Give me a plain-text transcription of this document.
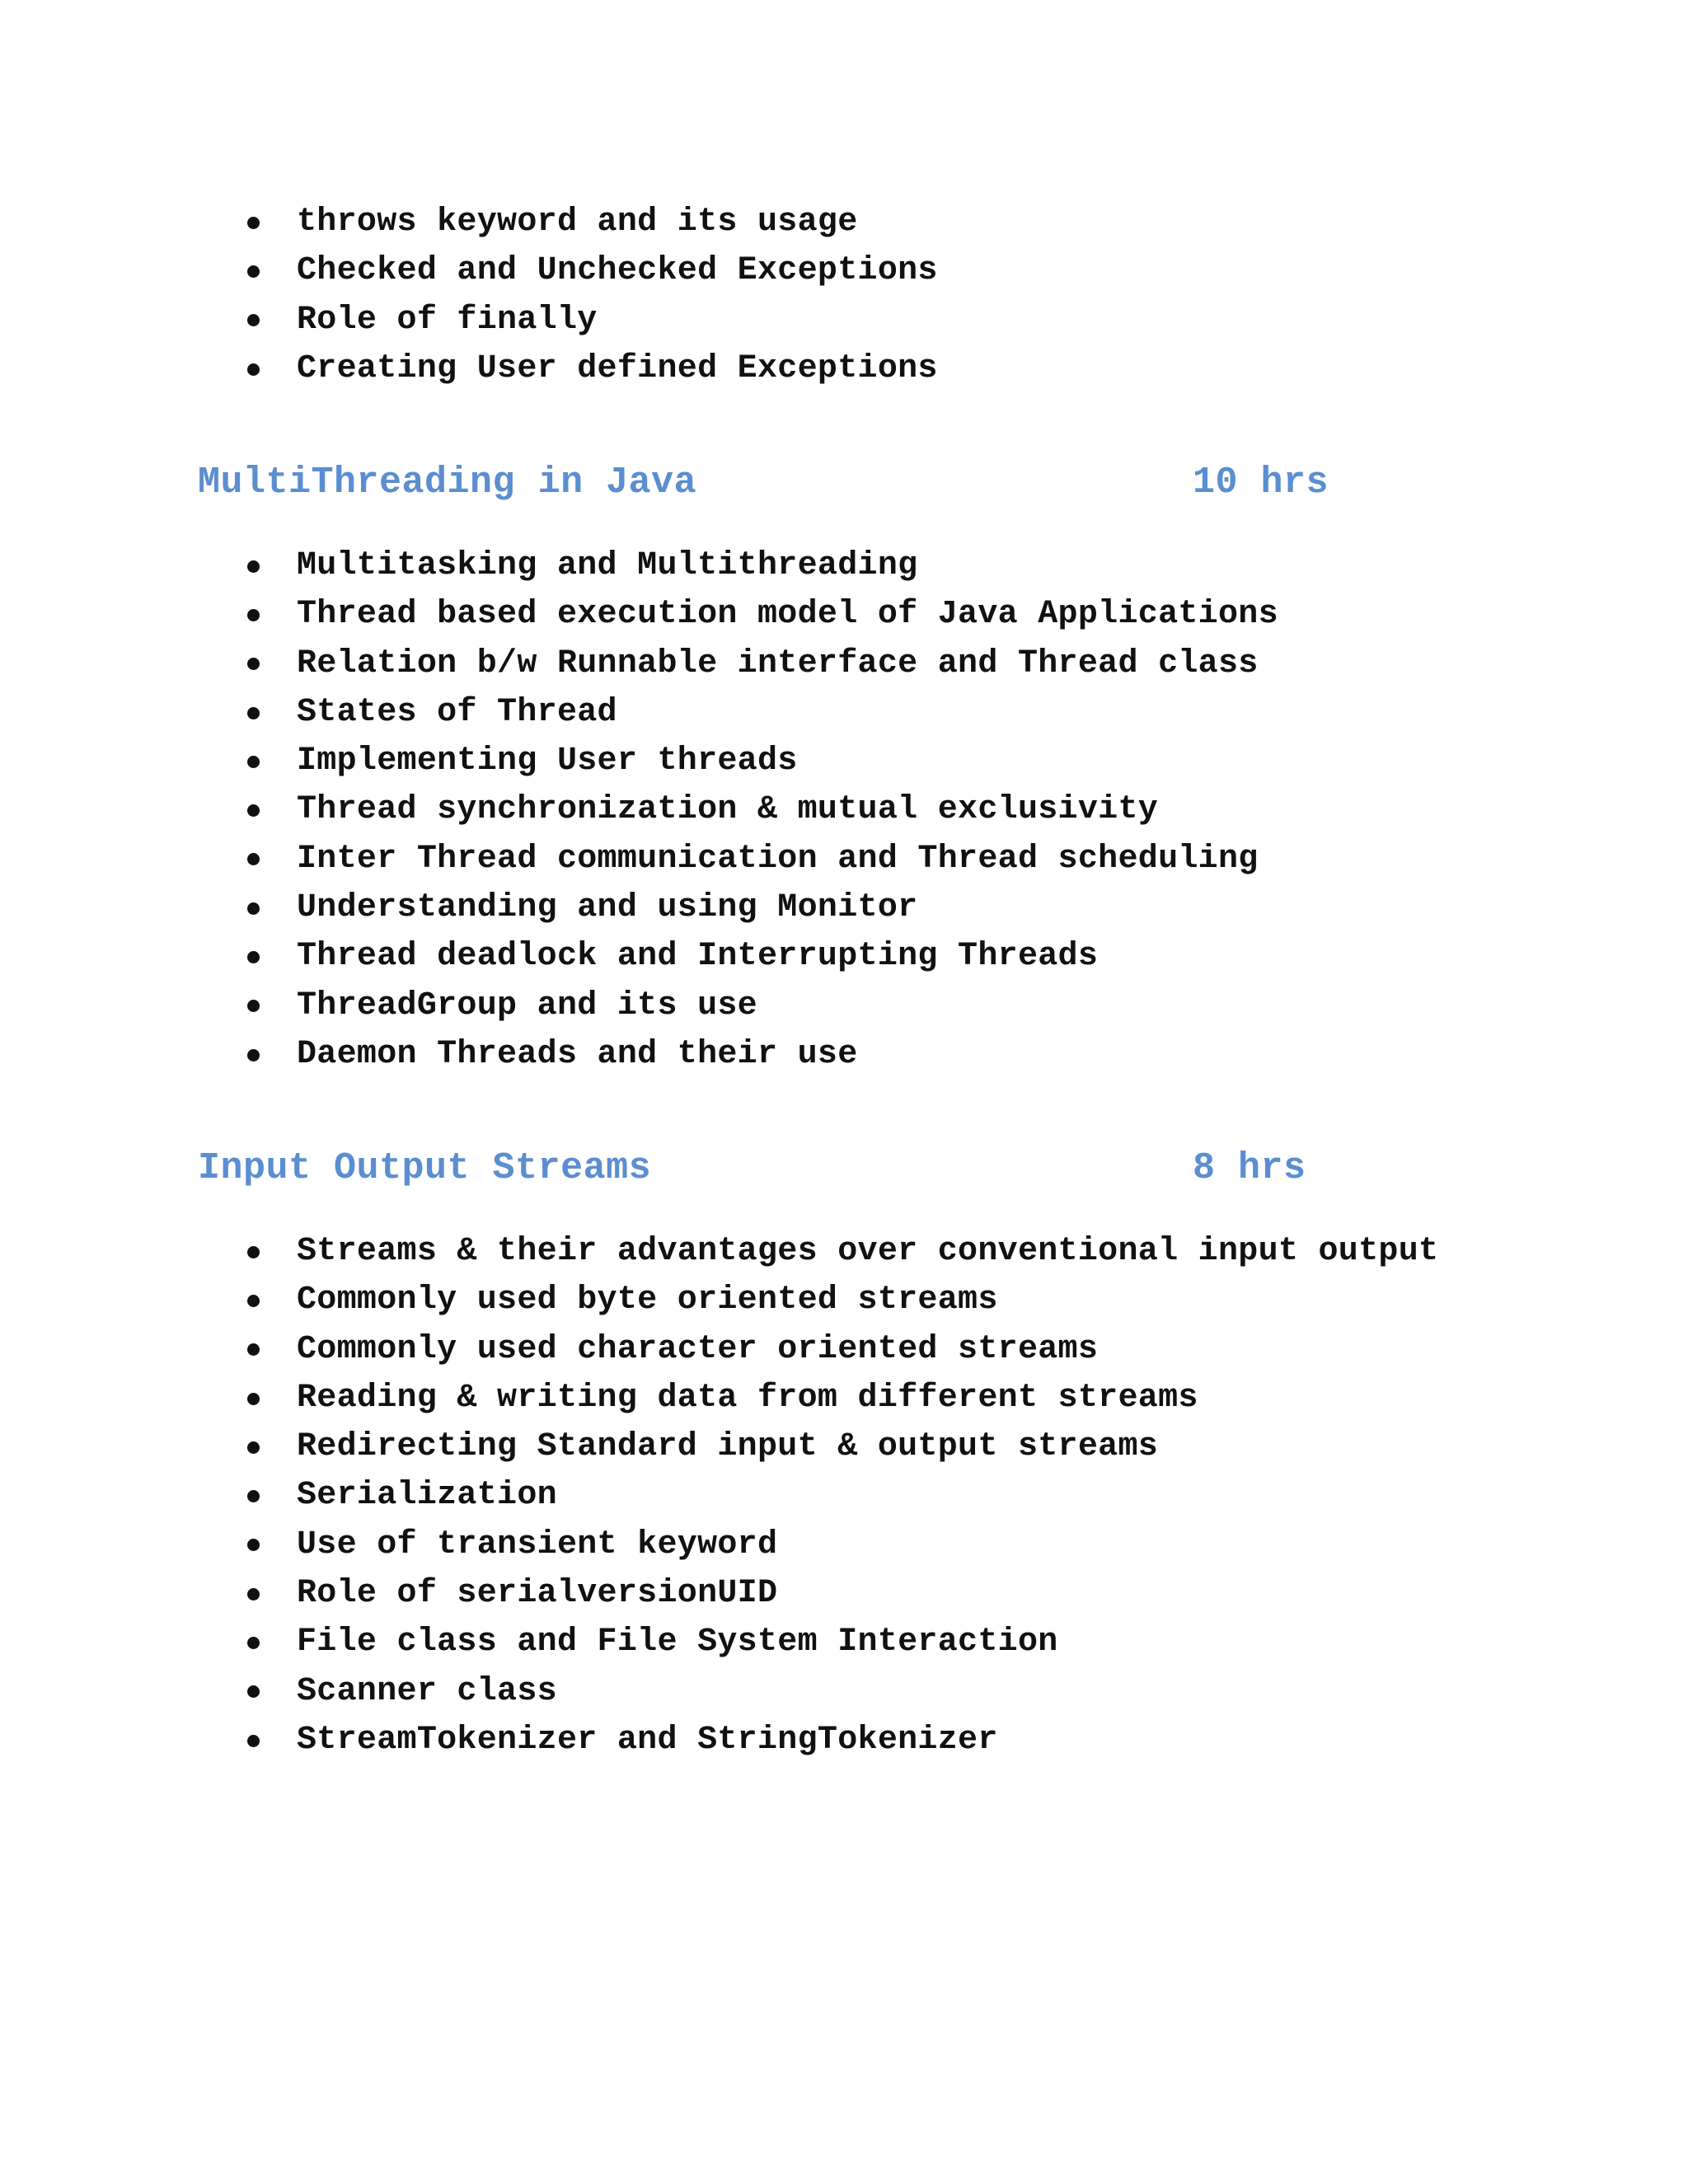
throws keyword and its usage
Checked and Unchecked Exceptions
Role of finally
Creating User defined Exceptions
MultiThreading in Java	10 hrs
Multitasking and Multithreading
Thread based execution model of Java Applications
Relation b/w Runnable interface and Thread class
States of Thread
Implementing User threads
Thread synchronization & mutual exclusivity
Inter Thread communication and Thread scheduling
Understanding and using Monitor
Thread deadlock and Interrupting Threads
ThreadGroup and its use
Daemon Threads and their use
Input Output Streams	8 hrs
Streams & their advantages over conventional input output
Commonly used byte oriented streams
Commonly used character oriented streams
Reading & writing data from different streams
Redirecting Standard input & output streams
Serialization
Use of transient keyword
Role of serialversionUID
File class and File System Interaction
Scanner class
StreamTokenizer and StringTokenizer
